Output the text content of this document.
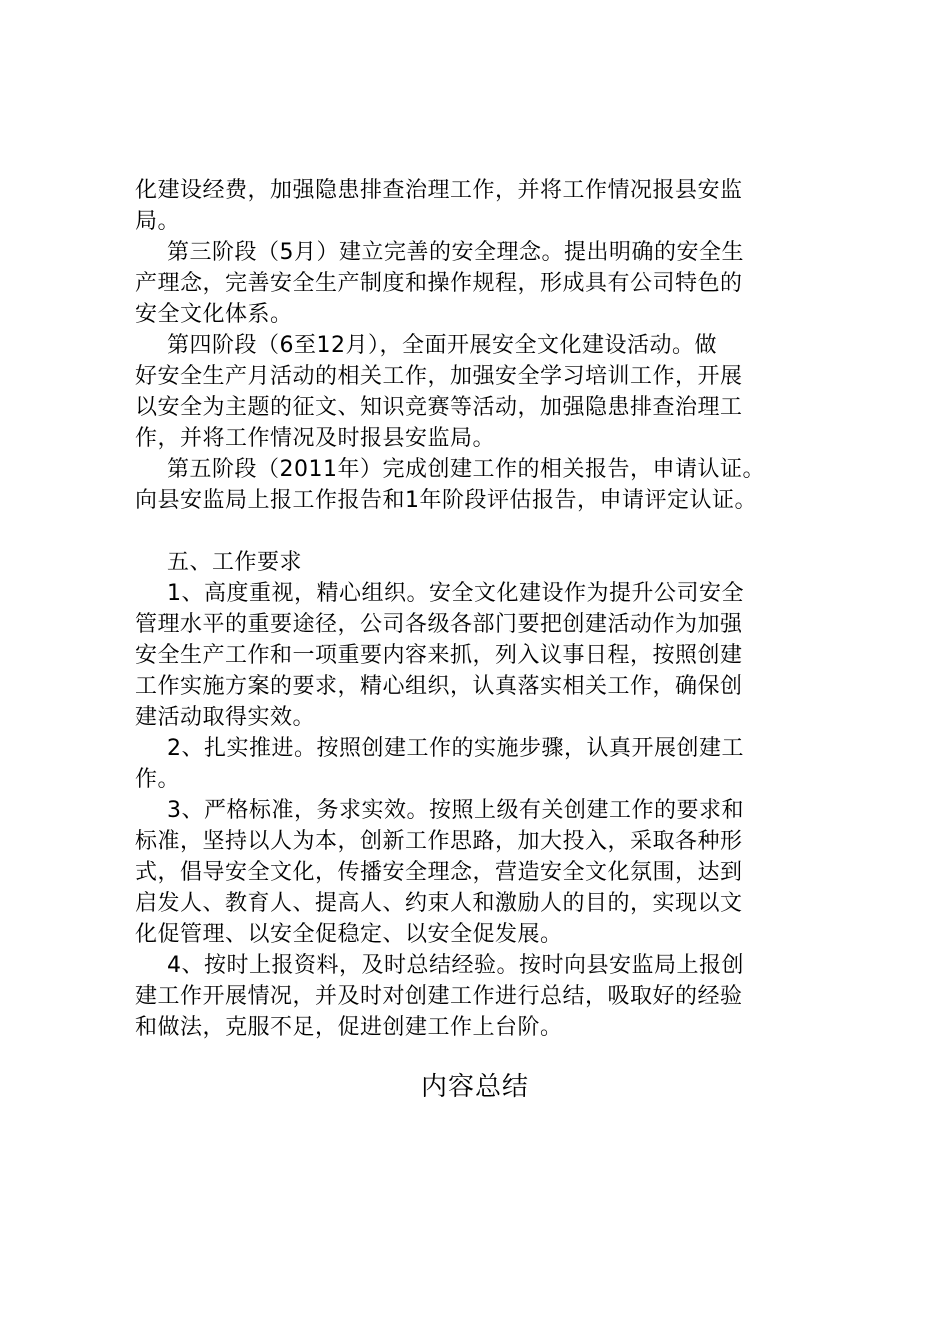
化建设经费，加强隐患排查治理工作，并将工作情况报县安监
局。
第三阶段（5月）建立完善的安全理念。提出明确的安全生
产理念，完善安全生产制度和操作规程，形成具有公司特色的
安全文化体系。
第四阶段（6至12月），全面开展安全文化建设活动。做
好安全生产月活动的相关工作，加强安全学习培训工作，开展
以安全为主题的征文、知识竞赛等活动，加强隐患排查治理工
作，并将工作情况及时报县安监局。
第五阶段（2011年）完成创建工作的相关报告，申请认证。
向县安监局上报工作报告和1年阶段评估报告，申请评定认证。
五、工作要求
1、高度重视，精心组织。安全文化建设作为提升公司安全
管理水平的重要途径，公司各级各部门要把创建活动作为加强
安全生产工作和一项重要内容来抓，列入议事日程，按照创建
工作实施方案的要求，精心组织，认真落实相关工作，确保创
建活动取得实效。
2、扎实推进。按照创建工作的实施步骤，认真开展创建工
作。
3、严格标准，务求实效。按照上级有关创建工作的要求和
标准，坚持以人为本，创新工作思路，加大投入，采取各种形
式，倡导安全文化，传播安全理念，营造安全文化氛围，达到
启发人、教育人、提高人、约束人和激励人的目的，实现以文
化促管理、以安全促稳定、以安全促发展。
4、按时上报资料，及时总结经验。按时向县安监局上报创
建工作开展情况，并及时对创建工作进行总结，吸取好的经验
和做法，克服不足，促进创建工作上台阶。
内容总结
